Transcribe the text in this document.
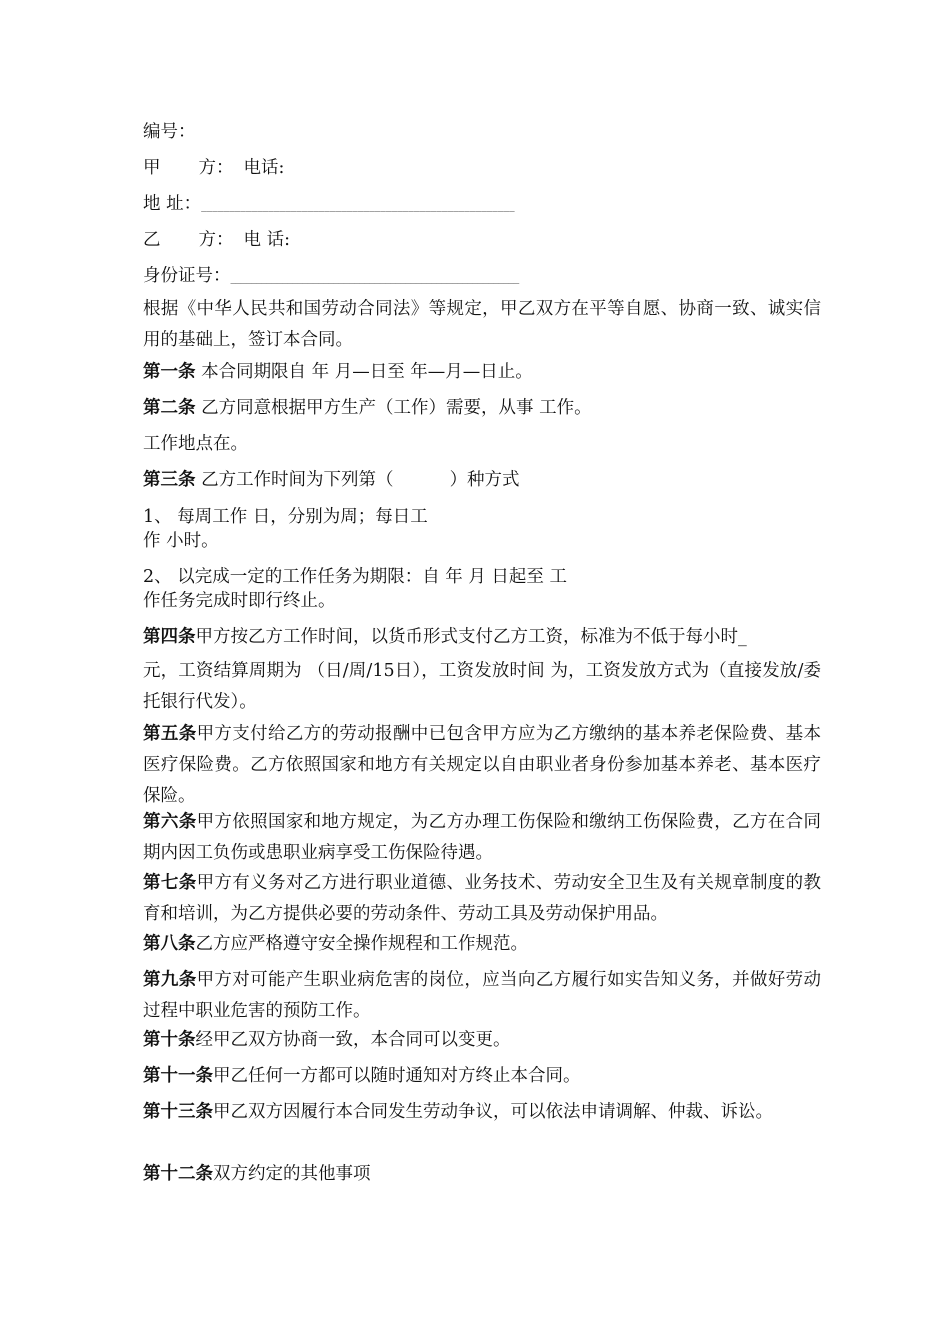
编号：
甲 方： 电话:
地 址：________________________________________________________
乙 方： 电 话:
身份证号：________________________________________________________
根据《中华人民共和国劳动合同法》等规定，甲乙双方在平等自愿、协商一致、诚实信用的基础上，签订本合同。
第一条 本合同期限自 年 月—日至 年—月—日止。
第二条 乙方同意根据甲方生产（工作）需要，从事 工作。
工作地点在。
第三条 乙方工作时间为下列第（	）种方式
1、 每周工作 日，分别为周；每日工
作 小时。
2、 以完成一定的工作任务为期限：自 年 月 日起至 工
作任务完成时即行终止。
第四条甲方按乙方工作时间，以货币形式支付乙方工资，标准为不低于每小时_
元，工资结算周期为 （日/周/15日），工资发放时间 为，工资发放方式为（直接发放/委托银行代发）。
第五条甲方支付给乙方的劳动报酬中已包含甲方应为乙方缴纳的基本养老保险费、基本医疗保险费。乙方依照国家和地方有关规定以自由职业者身份参加基本养老、基本医疗保险。
第六条甲方依照国家和地方规定，为乙方办理工伤保险和缴纳工伤保险费，乙方在合同期内因工负伤或患职业病享受工伤保险待遇。
第七条甲方有义务对乙方进行职业道德、业务技术、劳动安全卫生及有关规章制度的教育和培训，为乙方提供必要的劳动条件、劳动工具及劳动保护用品。
第八条乙方应严格遵守安全操作规程和工作规范。
第九条甲方对可能产生职业病危害的岗位，应当向乙方履行如实告知义务，并做好劳动过程中职业危害的预防工作。
第十条经甲乙双方协商一致，本合同可以变更。
第十一条甲乙任何一方都可以随时通知对方终止本合同。
第十三条甲乙双方因履行本合同发生劳动争议，可以依法申请调解、仲裁、诉讼。
第十二条双方约定的其他事项
